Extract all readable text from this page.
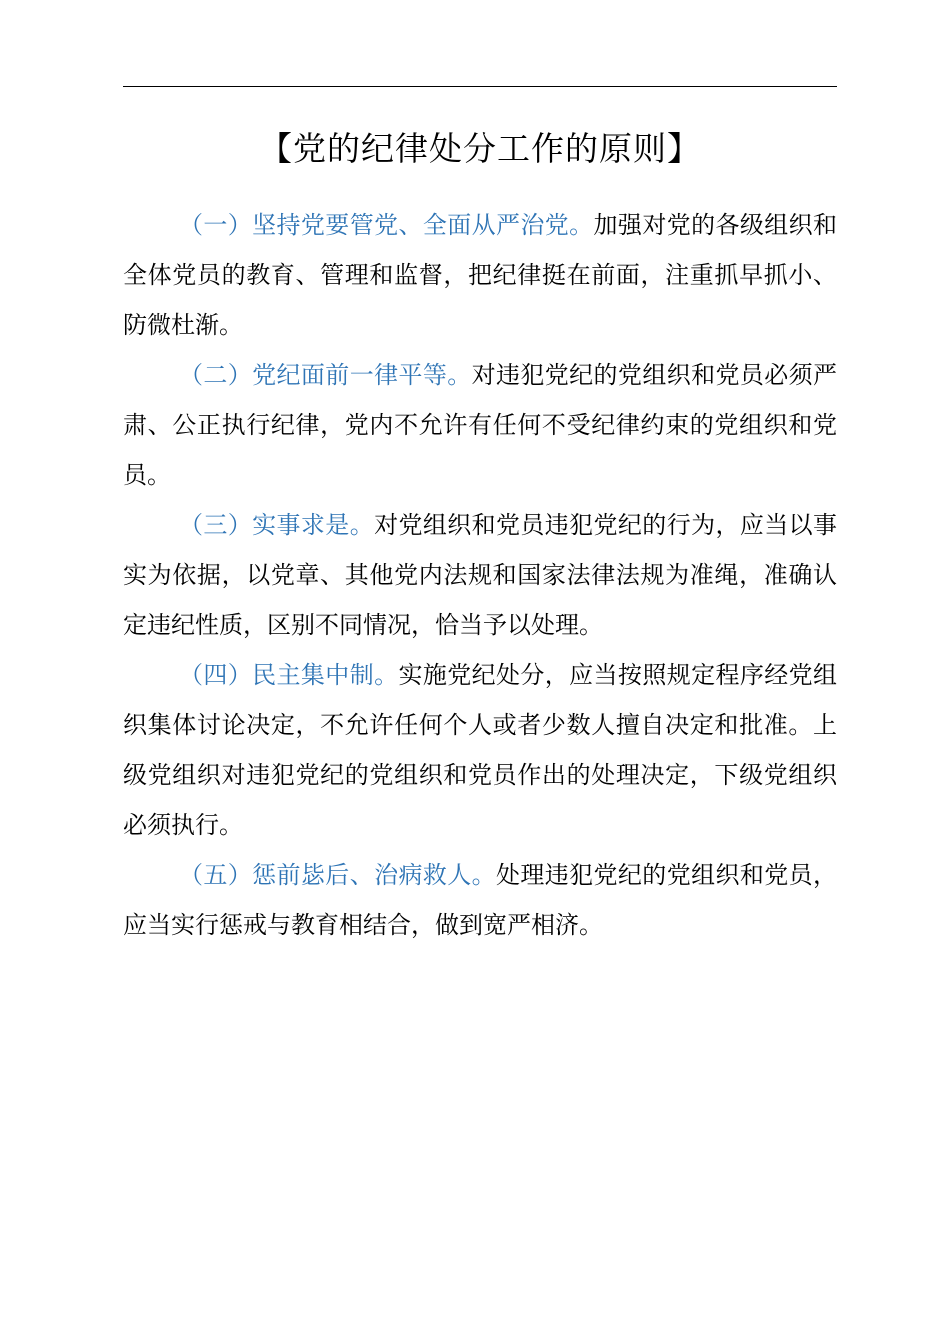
【党的纪律处分工作的原则】

（一）坚持党要管党、全面从严治党。加强对党的各级组织和全体党员的教育、管理和监督，把纪律挺在前面，注重抓早抓小、防微杜渐。

（二）党纪面前一律平等。对违犯党纪的党组织和党员必须严肃、公正执行纪律，党内不允许有任何不受纪律约束的党组织和党员。

（三）实事求是。对党组织和党员违犯党纪的行为，应当以事实为依据，以党章、其他党内法规和国家法律法规为准绳，准确认定违纪性质，区别不同情况，恰当予以处理。

（四）民主集中制。实施党纪处分，应当按照规定程序经党组织集体讨论决定，不允许任何个人或者少数人擅自决定和批准。上级党组织对违犯党纪的党组织和党员作出的处理决定，下级党组织必须执行。

（五）惩前毖后、治病救人。处理违犯党纪的党组织和党员，应当实行惩戒与教育相结合，做到宽严相济。
